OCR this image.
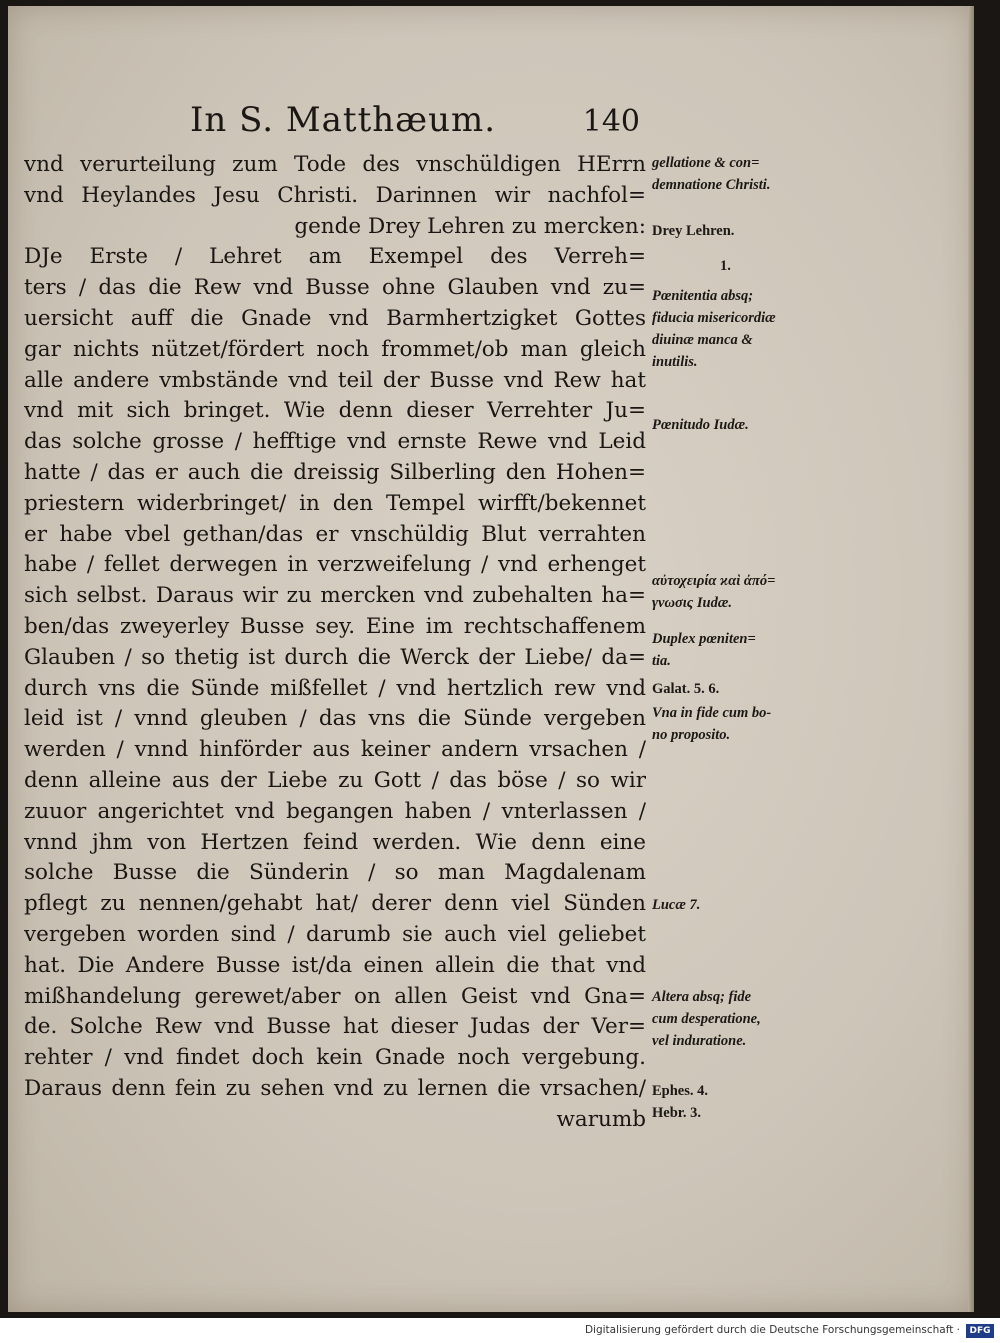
In S. Matthæum.	140
vnd verurteilung zum Tode des vnschüldigen HErrn
vnd Heylandes Jesu Christi. Darinnen wir nachfol=
gende Drey Lehren zu mercken:
DJe Erste / Lehret am Exempel des Verreh=
ters / das die Rew vnd Busse ohne Glauben vnd zu=
uersicht auff die Gnade vnd Barmhertzigket Gottes
gar nichts nützet/fördert noch frommet/ob man gleich
alle andere vmbstände vnd teil der Busse vnd Rew hat
vnd mit sich bringet. Wie denn dieser Verrehter Ju=
das solche grosse / hefftige vnd ernste Rewe vnd Leid
hatte / das er auch die dreissig Silberling den Hohen=
priestern widerbringet/ in den Tempel wirfft/bekennet
er habe vbel gethan/das er vnschüldig Blut verrahten
habe / fellet derwegen in verzweifelung / vnd erhenget
sich selbst. Daraus wir zu mercken vnd zubehalten ha=
ben/das zweyerley Busse sey. Eine im rechtschaffenem
Glauben / so thetig ist durch die Werck der Liebe/ da=
durch vns die Sünde mißfellet / vnd hertzlich rew vnd
leid ist / vnnd gleuben / das vns die Sünde vergeben
werden / vnnd hinförder aus keiner andern vrsachen /
denn alleine aus der Liebe zu Gott / das böse / so wir
zuuor angerichtet vnd begangen haben / vnterlassen /
vnnd jhm von Hertzen feind werden. Wie denn eine
solche Busse die Sünderin / so man Magdalenam
pflegt zu nennen/gehabt hat/ derer denn viel Sünden
vergeben worden sind / darumb sie auch viel geliebet
hat. Die Andere Busse ist/da einen allein die that vnd
mißhandelung gerewet/aber on allen Geist vnd Gna=
de. Solche Rew vnd Busse hat dieser Judas der Ver=
rehter / vnd findet doch kein Gnade noch vergebung.
Daraus denn fein zu sehen vnd zu lernen die vrsachen/
warumb
gellatione & con=
demnatione Christi.
Drey Lehren.
1.
Pœnitentia absq;
fiducia misericordiæ
diuinæ manca &
inutilis.
Pœnitudo Iudæ.
αὐτοχειρία ϰαὶ ἀπό=
γνωσις Iudæ.
Duplex pœniten=
tia.
Galat. 5. 6.
Vna in fide cum bo-
no proposito.
Lucæ 7.
Altera absq; fide
cum desperatione,
vel induratione.
Ephes. 4.
Hebr. 3.
Digitalisierung gefördert durch die Deutsche Forschungsgemeinschaft ·	DFG
